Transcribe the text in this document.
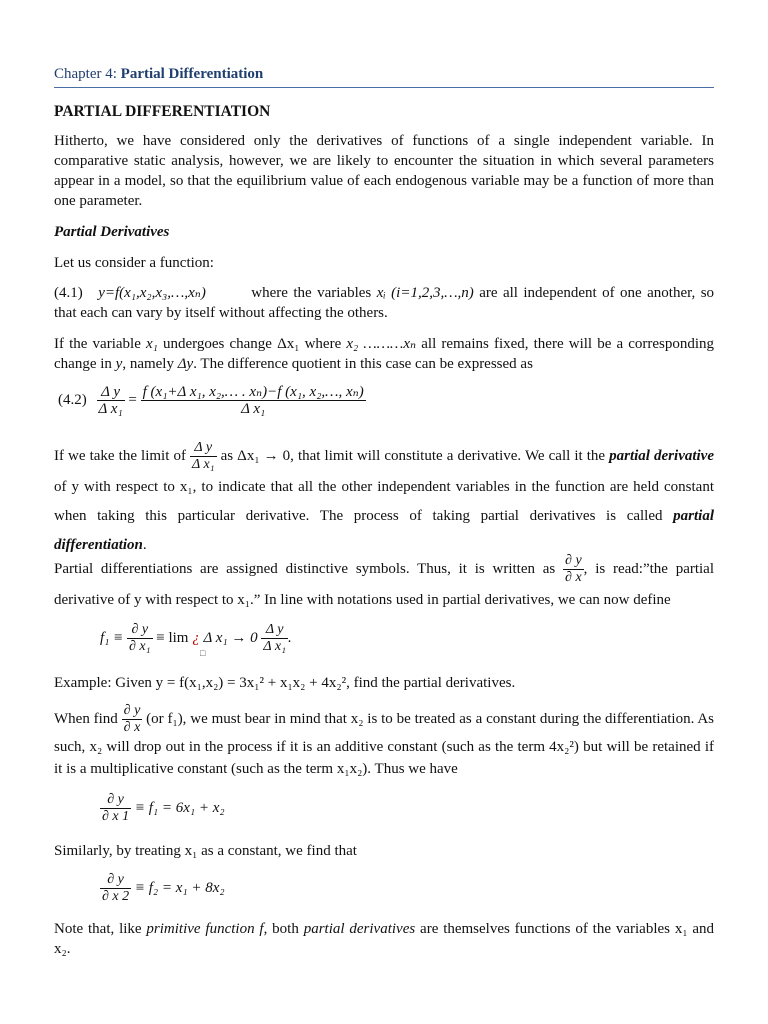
Chapter 4: Partial Differentiation
PARTIAL DIFFERENTIATION
Hitherto, we have considered only the derivatives of functions of a single independent variable. In comparative static analysis, however, we are likely to encounter the situation in which several parameters appear in a model, so that the equilibrium value of each endogenous variable may be a function of more than one parameter.
Partial Derivatives
Let us consider a function:
(4.1) y=f(x₁,x₂,x₃,…,xₙ)	where the variables xᵢ (i=1,2,3,…,n) are all independent of one another, so that each can vary by itself without affecting the others.
If the variable x₁ undergoes change Δx₁ where x₂ ………xₙ all remains fixed, there will be a corresponding change in y, namely Δy. The difference quotient in this case can be expressed as
$(4.2) \frac{\text{Δ y}}{\text{Δ x₁}} = \frac{\text{f (x₁+Δ x₁, x₂,… . xₙ)−f (x₁, x₂,…, xₙ)}}{\text{Δ x₁}}$
If we take the limit of $\frac{\text{Δ y}}{\text{Δ x₁}}$ as Δx₁ → 0, that limit will constitute a derivative. We call it the partial derivative of y with respect to x₁, to indicate that all the other independent variables in the function are held constant when taking this particular derivative. The process of taking partial derivatives is called partial differentiation.
Partial differentiations are assigned distinctive symbols. Thus, it is written as $\frac{\partial y}{\partial x}$ , is read:”the partial derivative of y with respect to x₁.” In line with notations used in partial derivatives, we can now define
$f_1 \equiv \frac{\partial y}{\text{∂ x₁}} \equiv \lim$ ¿ Δ $x_1 \to 0 \frac{\text{Δ y}}{\text{Δ x₁}}$ .
□
Example: Given y = f(x₁,x₂) = 3x₁² + x₁x₂ + 4x₂², find the partial derivatives.
When find $\frac{\partial y}{\partial x} (or$ f₁), we must bear in mind that x₂ is to be treated as a constant during the differentiation. As such, x₂ will drop out in the process if it is an additive constant (such as the term 4x₂²) but will be retained if it is a multiplicative constant (such as the term x₁x₂). Thus we have
$\frac{\partial y}{\partial x 1} \equiv f_1 = 6x_1 + x_2$
Similarly, by treating x₁ as a constant, we find that
$\frac{\partial y}{\partial x 2} \equiv f_2 = x_1 + 8x_2$
Note that, like primitive function f, both partial derivatives are themselves functions of the variables x₁ and x₂.
